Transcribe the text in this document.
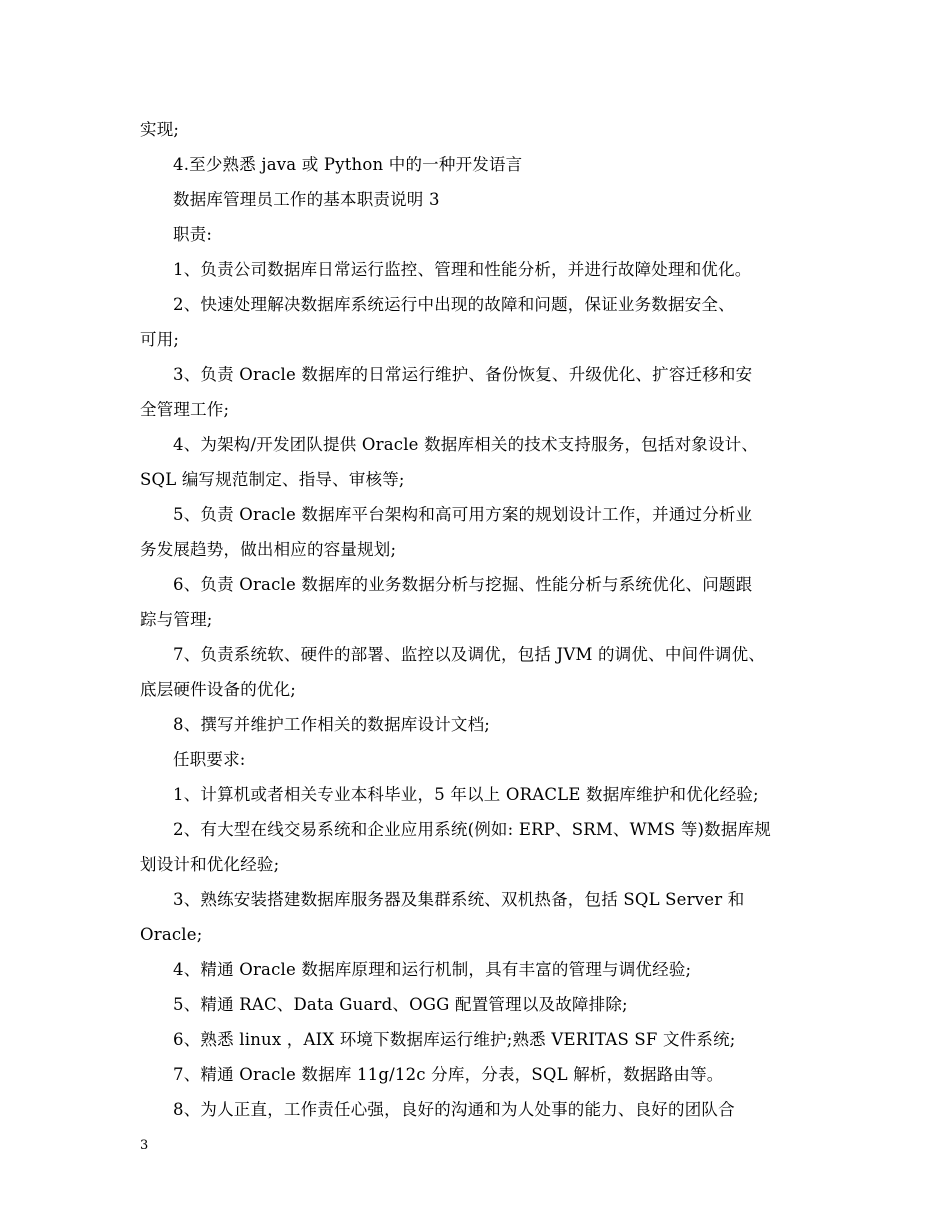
实现;
4.至少熟悉 java 或 Python 中的一种开发语言
数据库管理员工作的基本职责说明 3
职责:
1、负责公司数据库日常运行监控、管理和性能分析，并进行故障处理和优化。
2、快速处理解决数据库系统运行中出现的故障和问题，保证业务数据安全、
可用;
3、负责 Oracle 数据库的日常运行维护、备份恢复、升级优化、扩容迁移和安
全管理工作;
4、为架构/开发团队提供 Oracle 数据库相关的技术支持服务，包括对象设计、
SQL 编写规范制定、指导、审核等;
5、负责 Oracle 数据库平台架构和高可用方案的规划设计工作，并通过分析业
务发展趋势，做出相应的容量规划;
6、负责 Oracle 数据库的业务数据分析与挖掘、性能分析与系统优化、问题跟
踪与管理;
7、负责系统软、硬件的部署、监控以及调优，包括 JVM 的调优、中间件调优、
底层硬件设备的优化;
8、撰写并维护工作相关的数据库设计文档;
任职要求:
1、计算机或者相关专业本科毕业，5 年以上 ORACLE 数据库维护和优化经验;
2、有大型在线交易系统和企业应用系统(例如: ERP、SRM、WMS 等)数据库规
划设计和优化经验;
3、熟练安装搭建数据库服务器及集群系统、双机热备，包括 SQL Server 和
Oracle;
4、精通 Oracle 数据库原理和运行机制，具有丰富的管理与调优经验;
5、精通 RAC、Data Guard、OGG 配置管理以及故障排除;
6、熟悉 linux ，AIX 环境下数据库运行维护;熟悉 VERITAS SF 文件系统;
7、精通 Oracle 数据库 11g/12c 分库，分表，SQL 解析，数据路由等。
8、为人正直，工作责任心强，良好的沟通和为人处事的能力、良好的团队合
3
